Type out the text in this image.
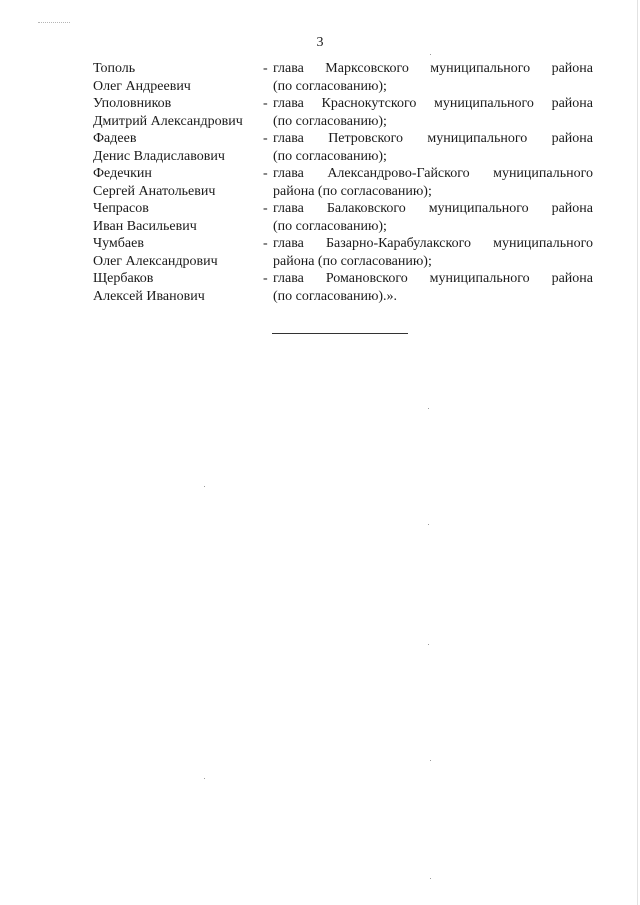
3
Тополь
Олег Андреевич
- глава Марксовского муниципального района
(по согласованию);
Уполовников
Дмитрий Александрович
- глава Краснокутского муниципального района
(по согласованию);
Фадеев
Денис Владиславович
- глава Петровского муниципального района
(по согласованию);
Федечкин
Сергей Анатольевич
- глава Александрово-Гайского муниципального
района (по согласованию);
Чепрасов
Иван Васильевич
- глава Балаковского муниципального района
(по согласованию);
Чумбаев
Олег Александрович
- глава Базарно-Карабулакского муниципального
района (по согласованию);
Щербаков
Алексей Иванович
- глава Романовского муниципального района
(по согласованию).».
